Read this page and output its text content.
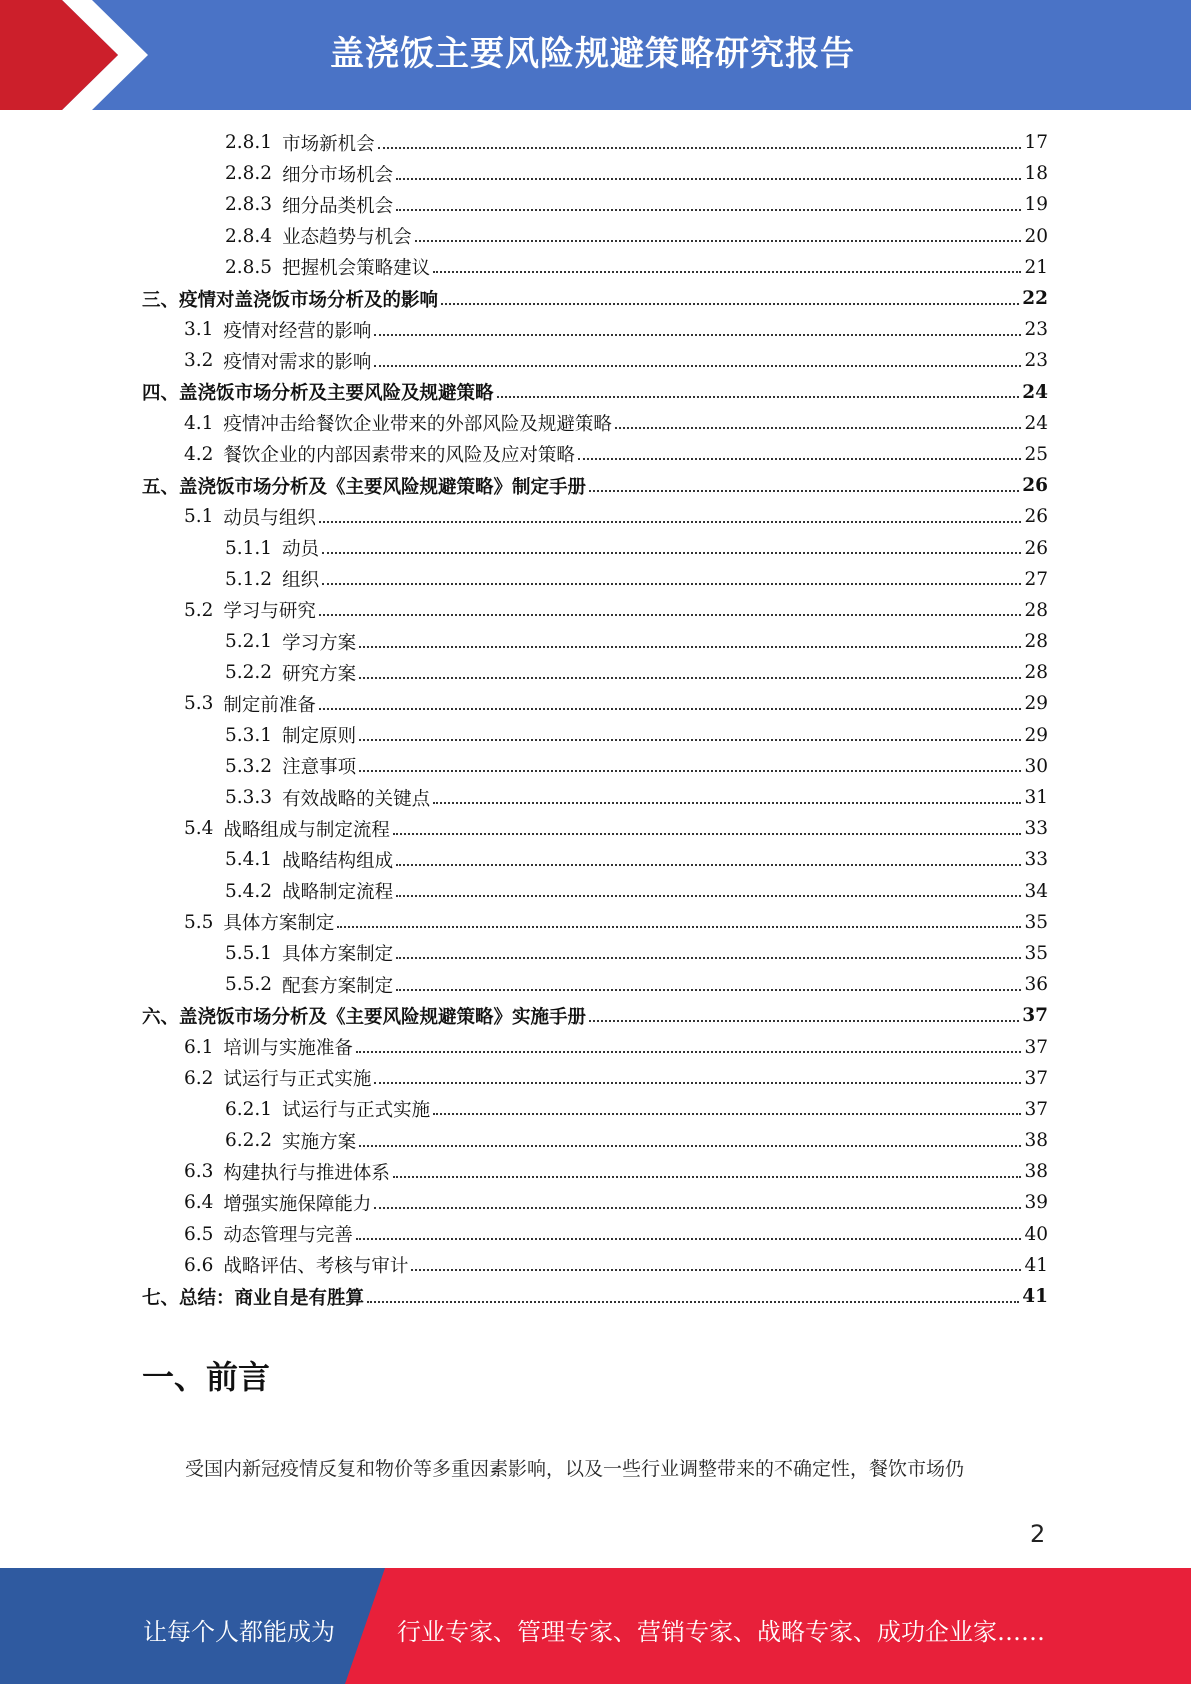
盖浇饭主要风险规避策略研究报告
2.8.1 市场新机会	17
2.8.2 细分市场机会	18
2.8.3 细分品类机会	19
2.8.4 业态趋势与机会	20
2.8.5 把握机会策略建议	21
三、疫情对盖浇饭市场分析及的影响	22
3.1 疫情对经营的影响	23
3.2 疫情对需求的影响	23
四、盖浇饭市场分析及主要风险及规避策略	24
4.1 疫情冲击给餐饮企业带来的外部风险及规避策略	24
4.2 餐饮企业的内部因素带来的风险及应对策略	25
五、盖浇饭市场分析及《主要风险规避策略》制定手册	26
5.1 动员与组织	26
5.1.1 动员	26
5.1.2 组织	27
5.2 学习与研究	28
5.2.1 学习方案	28
5.2.2 研究方案	28
5.3 制定前准备	29
5.3.1 制定原则	29
5.3.2 注意事项	30
5.3.3 有效战略的关键点	31
5.4 战略组成与制定流程	33
5.4.1 战略结构组成	33
5.4.2 战略制定流程	34
5.5 具体方案制定	35
5.5.1 具体方案制定	35
5.5.2 配套方案制定	36
六、盖浇饭市场分析及《主要风险规避策略》实施手册	37
6.1 培训与实施准备	37
6.2 试运行与正式实施	37
6.2.1 试运行与正式实施	37
6.2.2 实施方案	38
6.3 构建执行与推进体系	38
6.4 增强实施保障能力	39
6.5 动态管理与完善	40
6.6 战略评估、考核与审计	41
七、总结：商业自是有胜算	41
一、前言
受国内新冠疫情反复和物价等多重因素影响，以及一些行业调整带来的不确定性，餐饮市场仍
2
让每个人都能成为	行业专家、管理专家、营销专家、战略专家、成功企业家……
